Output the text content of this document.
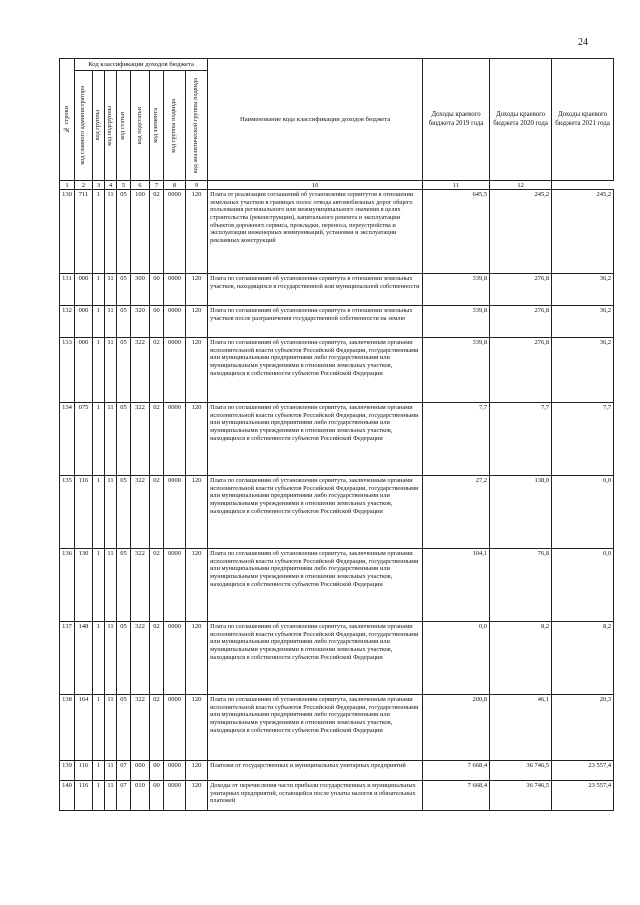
24
№ строки	Код классификации доходов бюджета								Наименование кода классификации доходов бюджета	Доходы краевого бюджета 2019 года	Доходы краевого бюджета 2020 года	Доходы краевого бюджета 2021 года

	код главного администратора	код группы	код подгруппы	код статьи	код подстатьи	код элемента	код группы подвида	код аналитической группы подвида				

1	2	3	4	5	6	7	8	9	10	11	12	
130	711	1	11	05	100	02	0000	120	Плата от реализации соглашений об установлении сервитутов в отношении земельных участков в границах полос отвода автомобильных дорог общего пользования регионального или межмуниципального значения в целях строительства (реконструкции), капитального ремонта и эксплуатации объектов дорожного сервиса, прокладки, переноса, переустройства и эксплуатации инженерных коммуникаций, установки и эксплуатации рекламных конструкций	645,5	245,2	245,2
131	000	1	11	05	300	00	0000	120	Плата по соглашениям об установлении сервитута в отношении земельных участков, находящихся в государственной или муниципальной собственности	339,8	276,8	36,2
132	000	1	11	05	320	00	0000	120	Плата по соглашениям об установлении сервитута в отношении земельных участков после разграничения государственной собственности на землю	339,8	276,8	36,2
133	000	1	11	05	322	02	0000	120	Плата по соглашениям об установлении сервитута, заключенным органами исполнительной власти субъектов Российской Федерации, государственными или муниципальными предприятиями либо государственными или муниципальными учреждениями в отношении земельных участков, находящихся в собственности субъектов Российской Федерации	339,8	276,8	36,2
134	075	1	11	05	322	02	0000	120	Плата по соглашениям об установлении сервитута, заключенным органами исполнительной власти субъектов Российской Федерации, государственными или муниципальными предприятиями либо государственными или муниципальными учреждениями в отношении земельных участков, находящихся в собственности субъектов Российской Федерации	7,7	7,7	7,7
135	116	1	11	05	322	02	0000	120	Плата по соглашениям об установлении сервитута, заключенным органами исполнительной власти субъектов Российской Федерации, государственными или муниципальными предприятиями либо государственными или муниципальными учреждениями в отношении земельных участков, находящихся в собственности субъектов Российской Федерации	27,2	138,0	0,0
136	130	1	11	05	322	02	0000	120	Плата по соглашениям об установлении сервитута, заключенным органами исполнительной власти субъектов Российской Федерации, государственными или муниципальными предприятиями либо государственными или муниципальными учреждениями в отношении земельных участков, находящихся в собственности субъектов Российской Федерации	104,1	76,8	0,0
137	148	1	11	05	322	02	0000	120	Плата по соглашениям об установлении сервитута, заключенным органами исполнительной власти субъектов Российской Федерации, государственными или муниципальными предприятиями либо государственными или муниципальными учреждениями в отношении земельных участков, находящихся в собственности субъектов Российской Федерации	0,0	8,2	8,2
138	164	1	11	05	322	02	0000	120	Плата по соглашениям об установлении сервитута, заключенным органами исполнительной власти субъектов Российской Федерации, государственными или муниципальными предприятиями либо государственными или муниципальными учреждениями в отношении земельных участков, находящихся в собственности субъектов Российской Федерации	200,8	46,1	20,3
139	116	1	11	07	000	00	0000	120	Платежи от государственных и муниципальных унитарных предприятий	7 668,4	36 746,5	23 557,4
140	116	1	11	07	010	00	0000	120	Доходы от перечисления части прибыли государственных и муниципальных унитарных предприятий, остающейся после уплаты налогов и обязательных платежей	7 668,4	36 746,5	23 557,4
